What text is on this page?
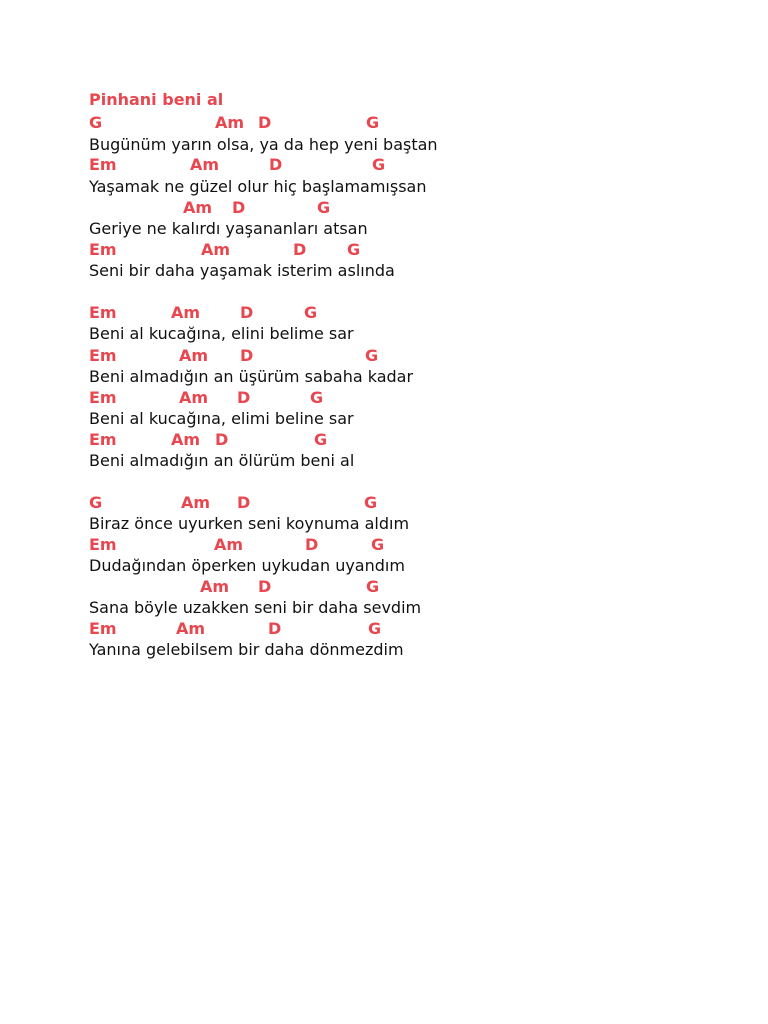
Pinhani beni al
G	Am D	G
Bugünüm yarın olsa, ya da hep yeni baştan
Em	Am	D	G
Yaşamak ne güzel olur hiç başlamamışsan
Am D	G
Geriye ne kalırdı yaşananları atsan
Em	Am	D	G
Seni bir daha yaşamak isterim aslında
Em	Am D	G
Beni al kucağına, elini belime sar
Em	Am D	G
Beni almadığın an üşürüm sabaha kadar
Em	Am D	G
Beni al kucağına, elimi beline sar
Em	Am D	G
Beni almadığın an ölürüm beni al
G	Am D	G
Biraz önce uyurken seni koynuma aldım
Em	Am	D	G
Dudağından öperken uykudan uyandım
Am D	G
Sana böyle uzakken seni bir daha sevdim
Em	Am	D	G
Yanına gelebilsem bir daha dönmezdim
